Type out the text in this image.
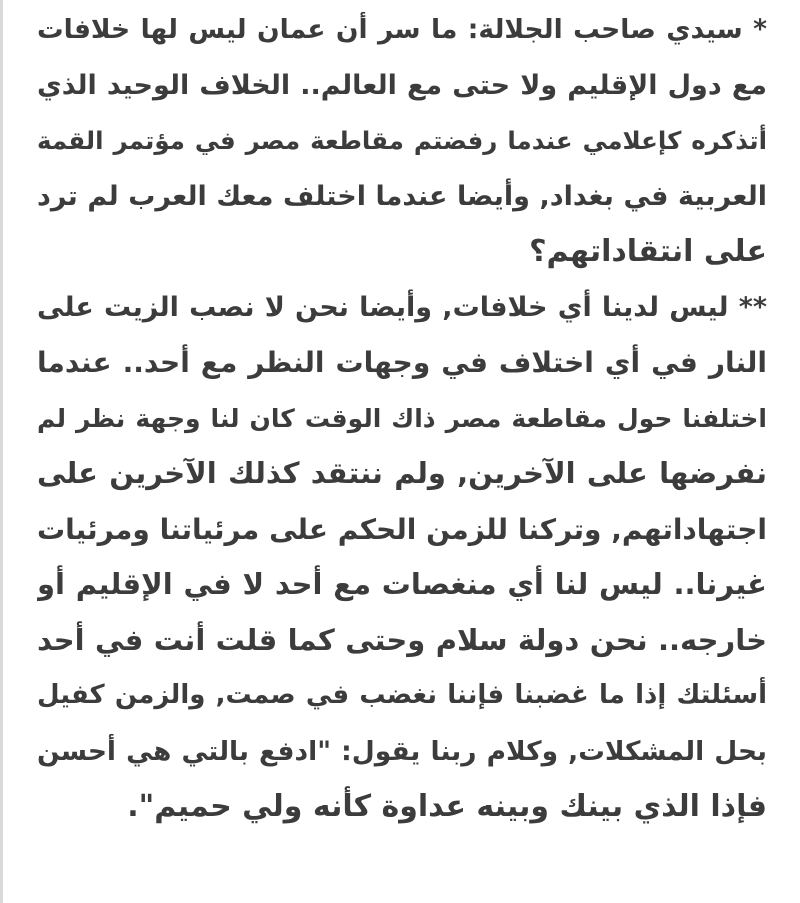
* سيدي صاحب الجلالة: ما سر أن عمان ليس لها خلافات
مع دول الإقليم ولا حتى مع العالم.. الخلاف الوحيد الذي
أتذكره كإعلامي عندما رفضتم مقاطعة مصر في مؤتمر القمة
العربية في بغداد, وأيضا عندما اختلف معك العرب لم ترد
على انتقاداتهم؟
** ليس لدينا أي خلافات, وأيضا نحن لا نصب الزيت على
النار في أي اختلاف في وجهات النظر مع أحد.. عندما
اختلفنا حول مقاطعة مصر ذاك الوقت كان لنا وجهة نظر لم
نفرضها على الآخرين, ولم ننتقد كذلك الآخرين على
اجتهاداتهم, وتركنا للزمن الحكم على مرئياتنا ومرئيات
غيرنا.. ليس لنا أي منغصات مع أحد لا في الإقليم أو
خارجه.. نحن دولة سلام وحتى كما قلت أنت في أحد
أسئلتك إذا ما غضبنا فإننا نغضب في صمت, والزمن كفيل
بحل المشكلات, وكلام ربنا يقول: "ادفع بالتي هي أحسن
فإذا الذي بينك وبينه عداوة كأنه ولي حميم".
